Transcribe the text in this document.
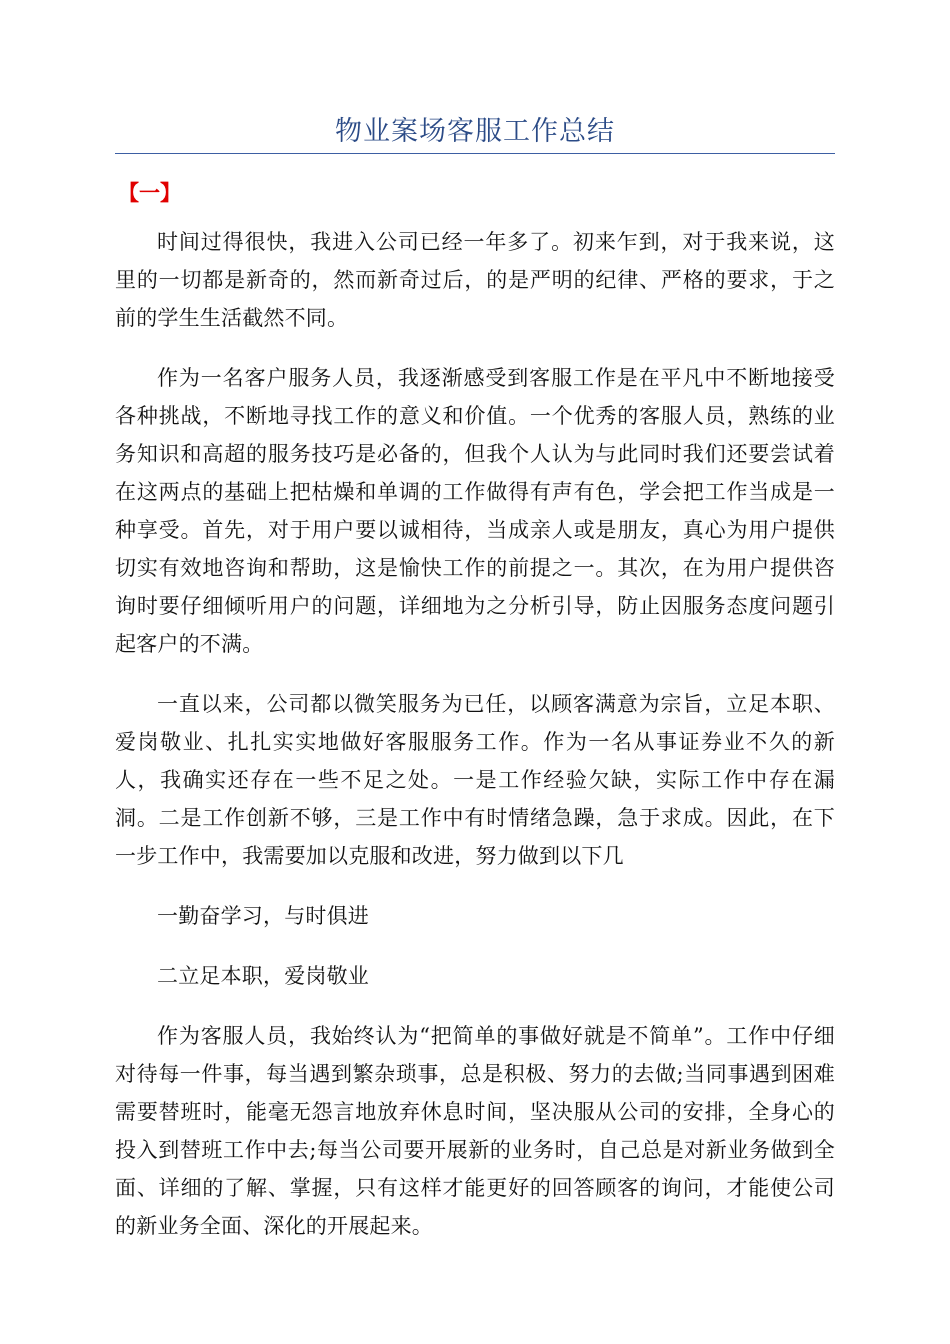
物业案场客服工作总结
【一】

时间过得很快，我进入公司已经一年多了。初来乍到，对于我来说，这里的一切都是新奇的，然而新奇过后，的是严明的纪律、严格的要求，于之前的学生生活截然不同。

作为一名客户服务人员，我逐渐感受到客服工作是在平凡中不断地接受各种挑战，不断地寻找工作的意义和价值。一个优秀的客服人员，熟练的业务知识和高超的服务技巧是必备的，但我个人认为与此同时我们还要尝试着在这两点的基础上把枯燥和单调的工作做得有声有色，学会把工作当成是一种享受。首先，对于用户要以诚相待，当成亲人或是朋友，真心为用户提供切实有效地咨询和帮助，这是愉快工作的前提之一。其次，在为用户提供咨询时要仔细倾听用户的问题，详细地为之分析引导，防止因服务态度问题引起客户的不满。

一直以来，公司都以微笑服务为已任，以顾客满意为宗旨，立足本职、爱岗敬业、扎扎实实地做好客服服务工作。作为一名从事证券业不久的新人，我确实还存在一些不足之处。一是工作经验欠缺，实际工作中存在漏洞。二是工作创新不够，三是工作中有时情绪急躁，急于求成。因此，在下一步工作中，我需要加以克服和改进，努力做到以下几

一勤奋学习，与时俱进

二立足本职，爱岗敬业

作为客服人员，我始终认为“把简单的事做好就是不简单”。工作中仔细对待每一件事，每当遇到繁杂琐事，总是积极、努力的去做;当同事遇到困难需要替班时，能毫无怨言地放弃休息时间，坚决服从公司的安排，全身心的投入到替班工作中去;每当公司要开展新的业务时，自己总是对新业务做到全面、详细的了解、掌握，只有这样才能更好的回答顾客的询问，才能使公司的新业务全面、深化的开展起来。
